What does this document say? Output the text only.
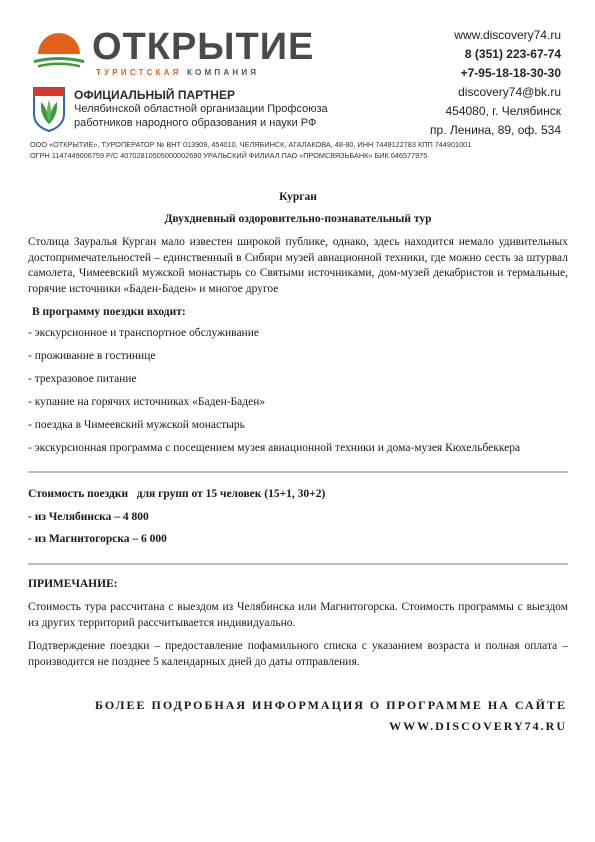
ОТКРЫТИЕ
ТУРИСТСКАЯ КОМПАНИЯ
ОФИЦИАЛЬНЫЙ ПАРТНЕР
Челябинской областной организации Профсоюза
работников народного образования и науки РФ
www.discovery74.ru
8 (351) 223-67-74
+7-95-18-18-30-30
discovery74@bk.ru
454080, г. Челябинск
пр. Ленина, 89, оф. 534
ООО «ОТКРЫТИЕ», ТУРОПЕРАТОР № ВНТ 013909, 454010, ЧЕЛЯБИНСК, АГАЛАКОВА, 48-80, ИНН 7449122783 КПП 744901001
ОГРН 1147449006759 Р/С 40702810505000002690 УРАЛЬСКИЙ ФИЛИАЛ ПАО «ПРОМСВЯЗЬБАНК» БИК 046577975
Курган
Двухдневный оздоровительно-познавательный тур
Столица Зауралья Курган мало известен широкой публике, однако, здесь находится немало удивительных достопримечательностей – единственный в Сибири музей авиационной техники, где можно сесть за штурвал самолета, Чимеевский мужской монастырь со Святыми источниками, дом-музей декабристов и термальные, горячие источники «Баден-Баден» и многое другое
В программу поездки входит:
- экскурсионное и транспортное обслуживание
- проживание в гостинице
- трехразовое питание
- купание на горячих источниках «Баден-Баден»
- поездка в Чимеевский мужской монастырь
- экскурсионная программа с посещением музея авиационной техники и дома-музея Кюхельбеккера
Стоимость поездки   для групп от 15 человек (15+1, 30+2)
- из Челябинска – 4 800
- из Магнитогорска – 6 000
ПРИМЕЧАНИЕ:
Стоимость тура рассчитана с выездом из Челябинска или Магнитогорска. Стоимость программы с выездом из других территорий рассчитывается индивидуально.
Подтверждение поездки – предоставление пофамильного списка с указанием возраста и полная оплата – производится не позднее 5 календарных дней до даты отправления.
БОЛЕЕ ПОДРОБНАЯ ИНФОРМАЦИЯ О ПРОГРАММЕ НА САЙТЕ
WWW.DISCOVERY74.RU
